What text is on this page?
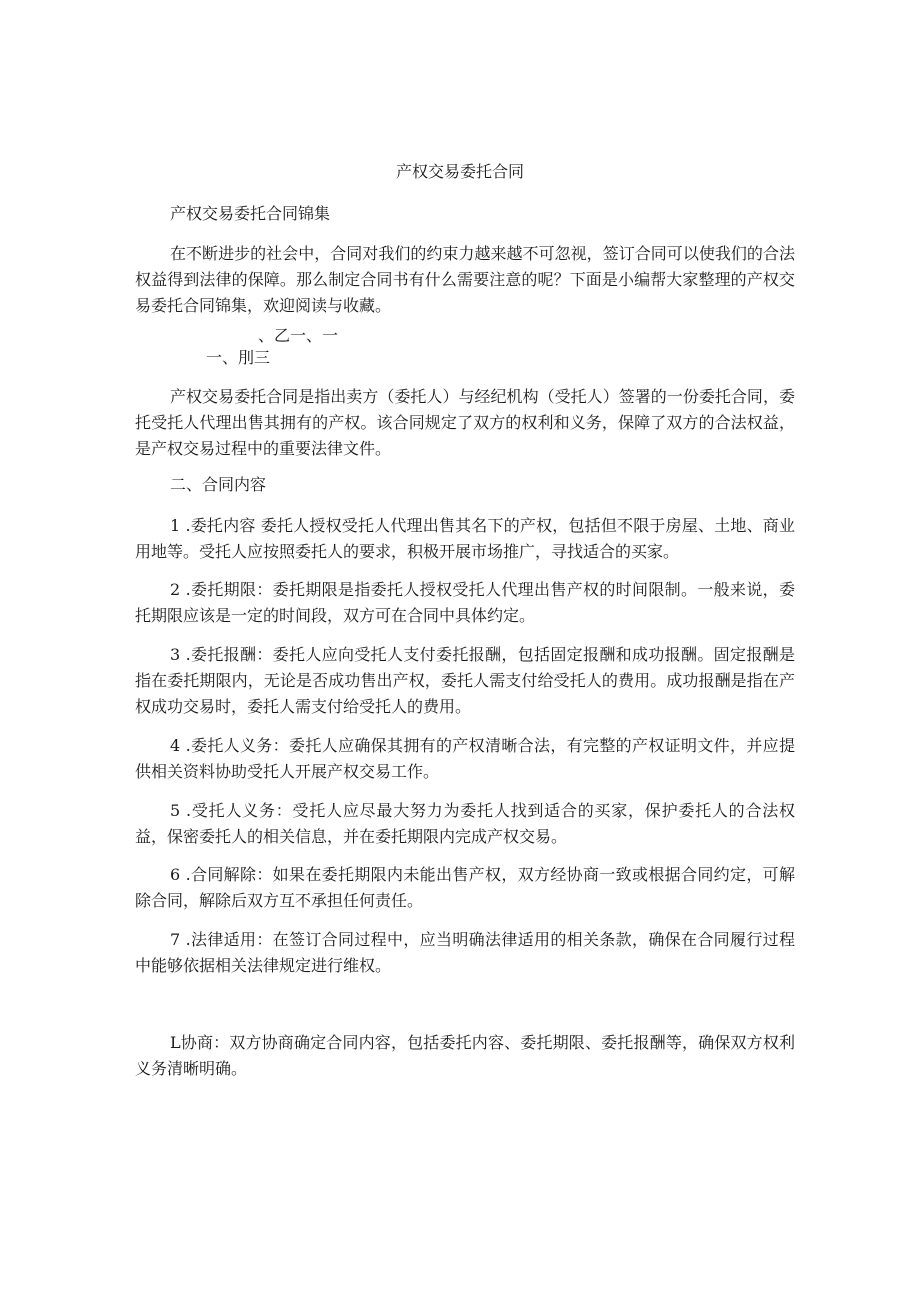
产权交易委托合同

产权交易委托合同锦集

在不断进步的社会中，合同对我们的约束力越来越不可忽视，签订合同可以使我们的合法权益得到法律的保障。那么制定合同书有什么需要注意的呢？下面是小编帮大家整理的产权交易委托合同锦集，欢迎阅读与收藏。

、乙一、一

一、刖三

产权交易委托合同是指出卖方（委托人）与经纪机构（受托人）签署的一份委托合同，委托受托人代理出售其拥有的产权。该合同规定了双方的权利和义务，保障了双方的合法权益，是产权交易过程中的重要法律文件。

二、合同内容

1 .委托内容 委托人授权受托人代理出售其名下的产权，包括但不限于房屋、土地、商业用地等。受托人应按照委托人的要求，积极开展市场推广，寻找适合的买家。

2 .委托期限：委托期限是指委托人授权受托人代理出售产权的时间限制。一般来说，委托期限应该是一定的时间段，双方可在合同中具体约定。

3 .委托报酬：委托人应向受托人支付委托报酬，包括固定报酬和成功报酬。固定报酬是指在委托期限内，无论是否成功售出产权，委托人需支付给受托人的费用。成功报酬是指在产权成功交易时，委托人需支付给受托人的费用。

4 .委托人义务：委托人应确保其拥有的产权清晰合法，有完整的产权证明文件，并应提供相关资料协助受托人开展产权交易工作。

5 .受托人义务：受托人应尽最大努力为委托人找到适合的买家，保护委托人的合法权益，保密委托人的相关信息，并在委托期限内完成产权交易。

6 .合同解除：如果在委托期限内未能出售产权，双方经协商一致或根据合同约定，可解除合同，解除后双方互不承担任何责任。

7 .法律适用：在签订合同过程中，应当明确法律适用的相关条款，确保在合同履行过程中能够依据相关法律规定进行维权。

L协商：双方协商确定合同内容，包括委托内容、委托期限、委托报酬等，确保双方权利义务清晰明确。
